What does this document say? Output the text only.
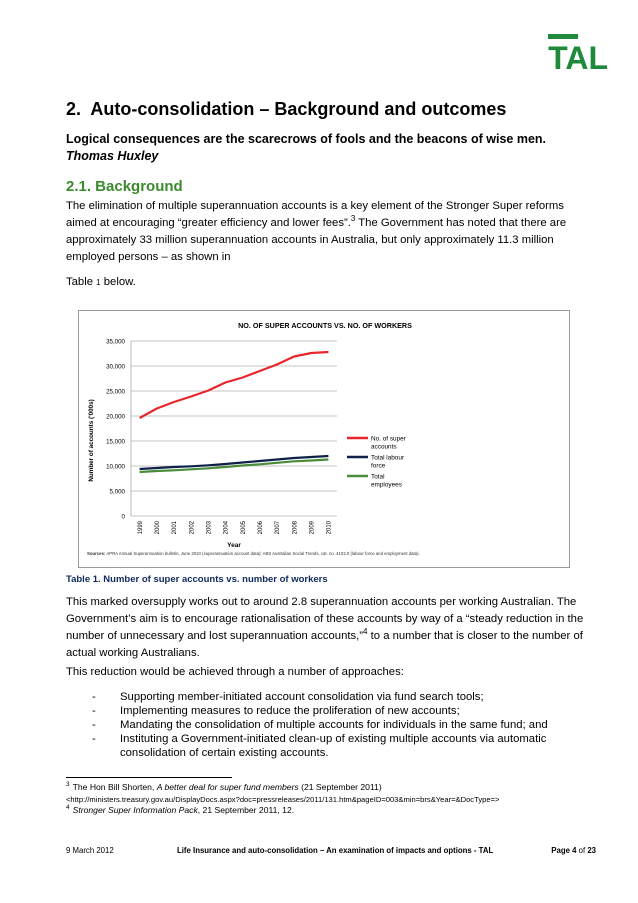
TAL
2. Auto-consolidation – Background and outcomes
Logical consequences are the scarecrows of fools and the beacons of wise men.
Thomas Huxley
2.1. Background
The elimination of multiple superannuation accounts is a key element of the Stronger Super reforms aimed at encouraging “greater efficiency and lower fees”.$^3$ The Government has noted that there are approximately 33 million superannuation accounts in Australia, but only approximately 11.3 million employed persons – as shown in
Table 1 below.
NO. OF SUPER ACCOUNTS VS. NO. OF WORKERS
0
5,000
10,000
15,000
20,000
25,000
30,000
35,000
1999 2000 2001 2002 2003 2004 2005 2006 2007 2008 2009 2010
Year
Number of accounts ('000s)	No. of super
accounts
Total labour
force
Total
employees
Sources: APRA Annual Superannuation bulletin, June 2010 (superannuation account data); ABS Australian Social Trends, cat. no. 4102.0 (labour force and employment data).
Table 1. Number of super accounts vs. number of workers
This marked oversupply works out to around 2.8 superannuation accounts per working Australian. The Government’s aim is to encourage rationalisation of these accounts by way of a “steady reduction in the number of unnecessary and lost superannuation accounts,”$^4$ to a number that is closer to the number of actual working Australians.
This reduction would be achieved through a number of approaches:
- Supporting member-initiated account consolidation via fund search tools;
- Implementing measures to reduce the proliferation of new accounts;
- Mandating the consolidation of multiple accounts for individuals in the same fund; and
- Instituting a Government-initiated clean-up of existing multiple accounts via automatic consolidation of certain existing accounts.
$^3$ The Hon Bill Shorten, A better deal for super fund members (21 September 2011)
<http://ministers.treasury.gov.au/DisplayDocs.aspx?doc=pressreleases/2011/131.htm&pageID=003&min=brs&Year=&DocType=>
$^4$ Stronger Super Information Pack, 21 September 2011, 12.
9 March 2012	Life Insurance and auto-consolidation – An examination of impacts and options - TAL	Page 4 of 23
